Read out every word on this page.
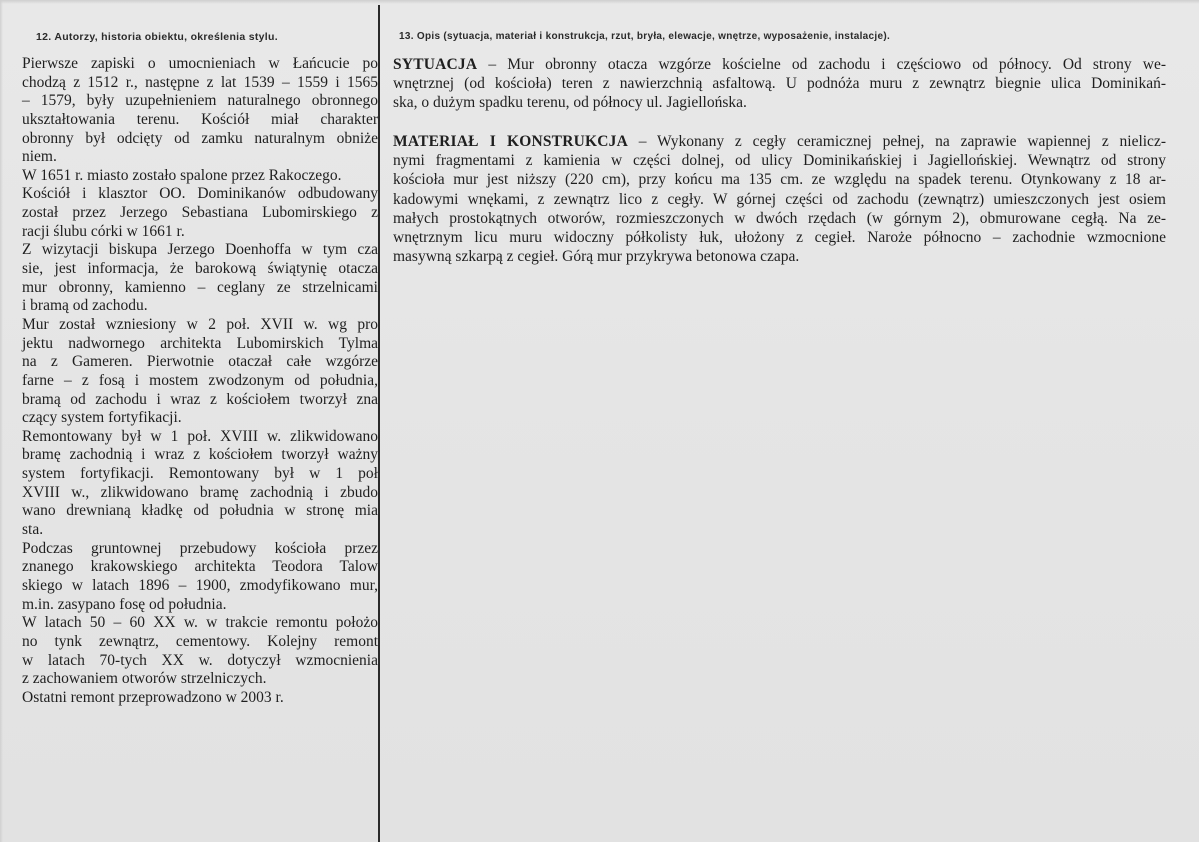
12. Autorzy, historia obiektu, określenia stylu.	13. Opis (sytuacja, materiał i konstrukcja, rzut, bryła, elewacje, wnętrze, wyposażenie, instalacje).
Pierwsze zapiski o umocnieniach w Łańcucie po
chodzą z 1512 r., następne z lat 1539 – 1559 i 1565
– 1579, były uzupełnieniem naturalnego obronnego
ukształtowania terenu. Kościół miał charakter
obronny był odcięty od zamku naturalnym obniże
niem.
W 1651 r. miasto zostało spalone przez Rakoczego.
Kościół i klasztor OO. Dominikanów odbudowany
został przez Jerzego Sebastiana Lubomirskiego z
racji ślubu córki w 1661 r.
Z wizytacji biskupa Jerzego Doenhoffa w tym cza
sie, jest informacja, że barokową świątynię otacza
mur obronny, kamienno – ceglany ze strzelnicami
i bramą od zachodu.
Mur został wzniesiony w 2 poł. XVII w. wg pro
jektu nadwornego architekta Lubomirskich Tylma
na z Gameren. Pierwotnie otaczał całe wzgórze
farne – z fosą i mostem zwodzonym od południa,
bramą od zachodu i wraz z kościołem tworzył zna
czący system fortyfikacji.
Remontowany był w 1 poł. XVIII w. zlikwidowano
bramę zachodnią i wraz z kościołem tworzył ważny
system fortyfikacji. Remontowany był w 1 poł
XVIII w., zlikwidowano bramę zachodnią i zbudo
wano drewnianą kładkę od południa w stronę mia
sta.
Podczas gruntownej przebudowy kościoła przez
znanego krakowskiego architekta Teodora Talow
skiego w latach 1896 – 1900, zmodyfikowano mur,
m.in. zasypano fosę od południa.
W latach 50 – 60 XX w. w trakcie remontu położo
no tynk zewnątrz, cementowy. Kolejny remont
w latach 70-tych XX w. dotyczył wzmocnienia
z zachowaniem otworów strzelniczych.
Ostatni remont przeprowadzono w 2003 r.
SYTUACJA – Mur obronny otacza wzgórze kościelne od zachodu i częściowo od północy. Od strony we-
wnętrznej (od kościoła) teren z nawierzchnią asfaltową. U podnóża muru z zewnątrz biegnie ulica Dominikań-
ska, o dużym spadku terenu, od północy ul. Jagiellońska.
MATERIAŁ I KONSTRUKCJA – Wykonany z cegły ceramicznej pełnej, na zaprawie wapiennej z nielicz-
nymi fragmentami z kamienia w części dolnej, od ulicy Dominikańskiej i Jagiellońskiej. Wewnątrz od strony
kościoła mur jest niższy (220 cm), przy końcu ma 135 cm. ze względu na spadek terenu. Otynkowany z 18 ar-
kadowymi wnękami, z zewnątrz lico z cegły. W górnej części od zachodu (zewnątrz) umieszczonych jest osiem
małych prostokątnych otworów, rozmieszczonych w dwóch rzędach (w górnym 2), obmurowane cegłą. Na ze-
wnętrznym licu muru widoczny półkolisty łuk, ułożony z cegieł. Naroże północno – zachodnie wzmocnione
masywną szkarpą z cegieł. Górą mur przykrywa betonowa czapa.
